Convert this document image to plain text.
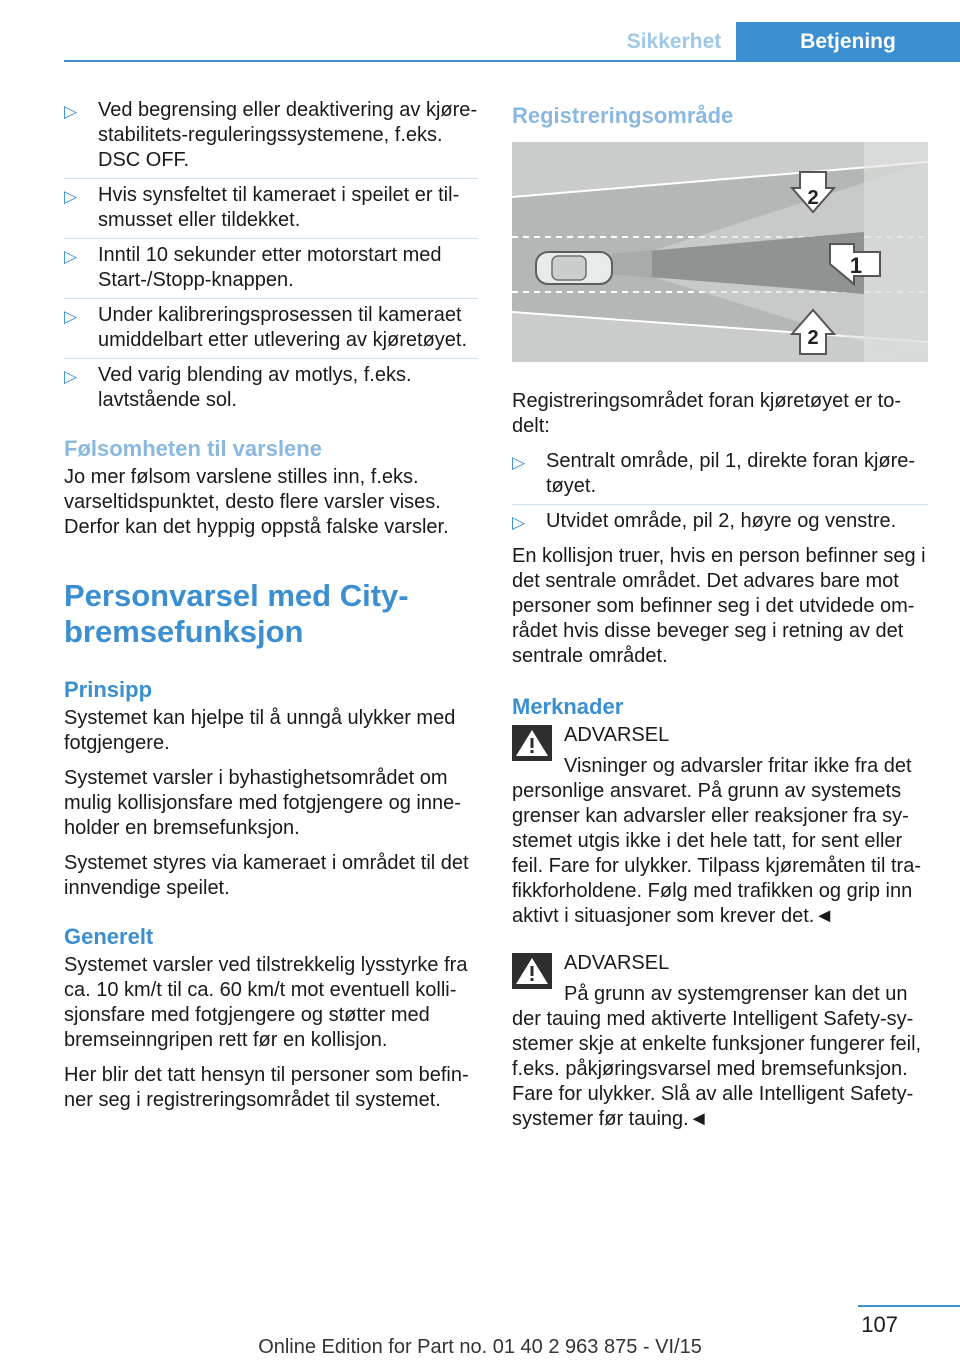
Sikkerhet	Betjening
▷ Ved begrensing eller deaktivering av kjørestabilitets-reguleringssystemene, f.eks. DSC OFF.
▷ Hvis synsfeltet til kameraet i speilet er tilsmusset eller tildekket.
▷ Inntil 10 sekunder etter motorstart med Start-/Stopp-knappen.
▷ Under kalibreringsprosessen til kameraet umiddelbart etter utlevering av kjøretøyet.
▷ Ved varig blending av motlys, f.eks. lavtstående sol.
Følsomheten til varslene

Jo mer følsom varslene stilles inn, f.eks. varseltidspunktet, desto flere varsler vises. Derfor kan det hyppig oppstå falske varsler.

Personvarsel med City-bremsefunksjon
Prinsipp

Systemet kan hjelpe til å unngå ulykker med fotgjengere.

Systemet varsler i byhastighetsområdet om mulig kollisjonsfare med fotgjengere og inneholder en bremsefunksjon.

Systemet styres via kameraet i området til det innvendige speilet.

Generelt

Systemet varsler ved tilstrekkelig lysstyrke fra ca. 10 km/t til ca. 60 km/t mot eventuell kollisjonsfare med fotgjengere og støtter med bremseinngripen rett før en kollisjon.

Her blir det tatt hensyn til personer som befinner seg i registreringsområdet til systemet.

Registreringsområde
1
2
2

Registreringsområdet foran kjøretøyet er todelt:

▷ Sentralt område, pil 1, direkte foran kjøretøyet.
▷ Utvidet område, pil 2, høyre og venstre.

En kollisjon truer, hvis en person befinner seg i det sentrale området. Det advares bare mot personer som befinner seg i det utvidede området hvis disse beveger seg i retning av det sentrale området.

Merknader

ADVARSEL

Visninger og advarsler fritar ikke fra det

personlige ansvaret. På grunn av systemets grenser kan advarsler eller reaksjoner fra systemet utgis ikke i det hele tatt, for sent eller feil. Fare for ulykker. Tilpass kjøremåten til trafikkforholdene. Følg med trafikken og grip inn aktivt i situasjoner som krever det.◄

ADVARSEL

På grunn av systemgrenser kan det un

der tauing med aktiverte Intelligent Safety-systemer skje at enkelte funksjoner fungerer feil, f.eks. påkjøringsvarsel med bremsefunksjon. Fare for ulykker. Slå av alle Intelligent Safety-systemer før tauing.◄

107
Online Edition for Part no. 01 40 2 963 875 - VI/15
